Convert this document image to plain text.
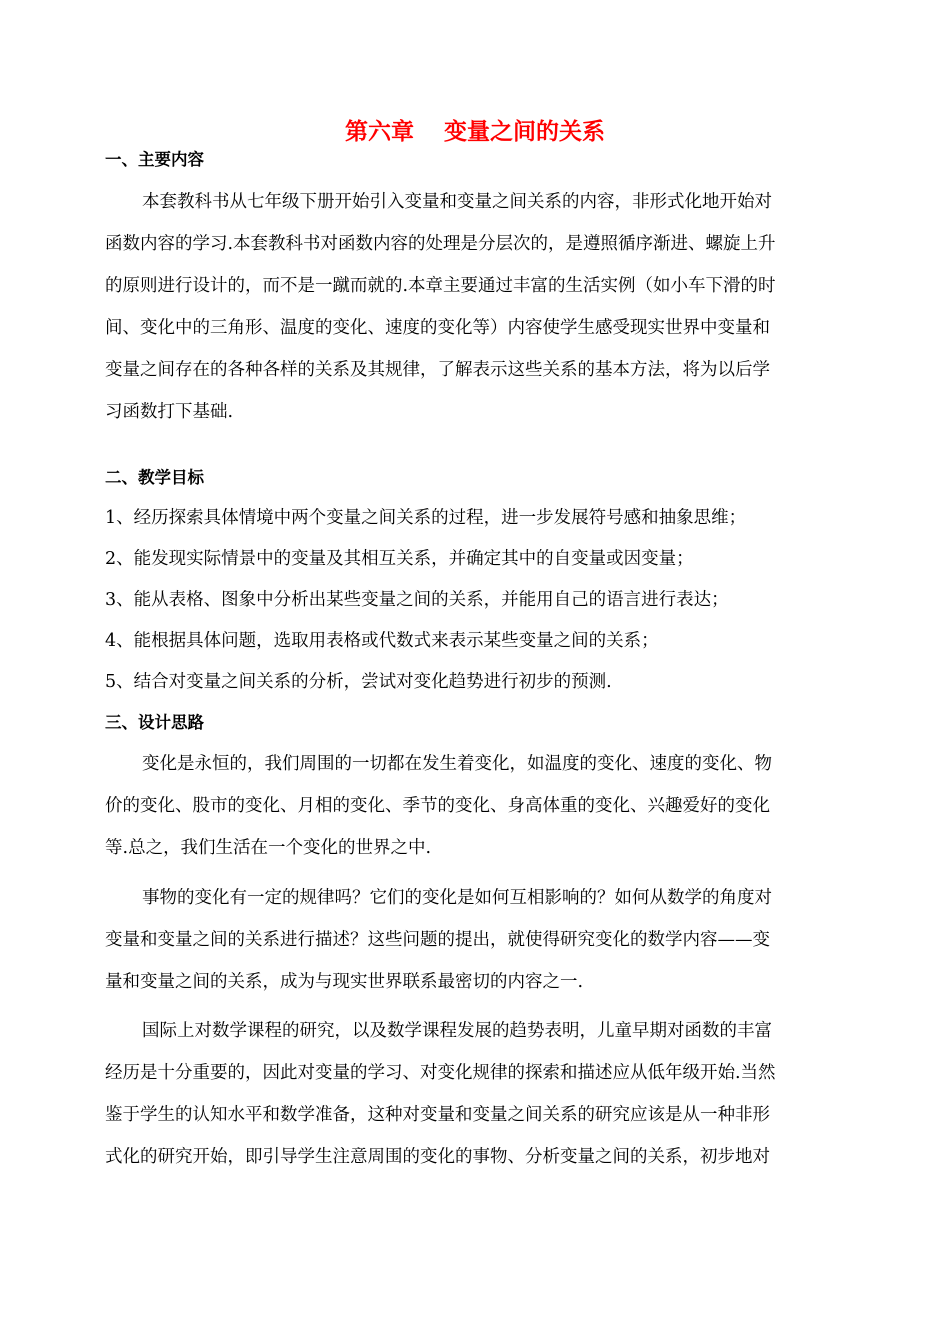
第六章 变量之间的关系
一、主要内容
本套教科书从七年级下册开始引入变量和变量之间关系的内容，非形式化地开始对
函数内容的学习.本套教科书对函数内容的处理是分层次的，是遵照循序渐进、螺旋上升
的原则进行设计的，而不是一蹴而就的.本章主要通过丰富的生活实例（如小车下滑的时
间、变化中的三角形、温度的变化、速度的变化等）内容使学生感受现实世界中变量和
变量之间存在的各种各样的关系及其规律，了解表示这些关系的基本方法，将为以后学
习函数打下基础.
二、教学目标
1、经历探索具体情境中两个变量之间关系的过程，进一步发展符号感和抽象思维；
2、能发现实际情景中的变量及其相互关系，并确定其中的自变量或因变量；
3、能从表格、图象中分析出某些变量之间的关系，并能用自己的语言进行表达；
4、能根据具体问题，选取用表格或代数式来表示某些变量之间的关系；
5、结合对变量之间关系的分析，尝试对变化趋势进行初步的预测.
三、设计思路
变化是永恒的，我们周围的一切都在发生着变化，如温度的变化、速度的变化、物
价的变化、股市的变化、月相的变化、季节的变化、身高体重的变化、兴趣爱好的变化
等.总之，我们生活在一个变化的世界之中.
事物的变化有一定的规律吗？它们的变化是如何互相影响的？如何从数学的角度对
变量和变量之间的关系进行描述？这些问题的提出，就使得研究变化的数学内容——变
量和变量之间的关系，成为与现实世界联系最密切的内容之一.
国际上对数学课程的研究，以及数学课程发展的趋势表明，儿童早期对函数的丰富
经历是十分重要的，因此对变量的学习、对变化规律的探索和描述应从低年级开始.当然
鉴于学生的认知水平和数学准备，这种对变量和变量之间关系的研究应该是从一种非形
式化的研究开始，即引导学生注意周围的变化的事物、分析变量之间的关系，初步地对
